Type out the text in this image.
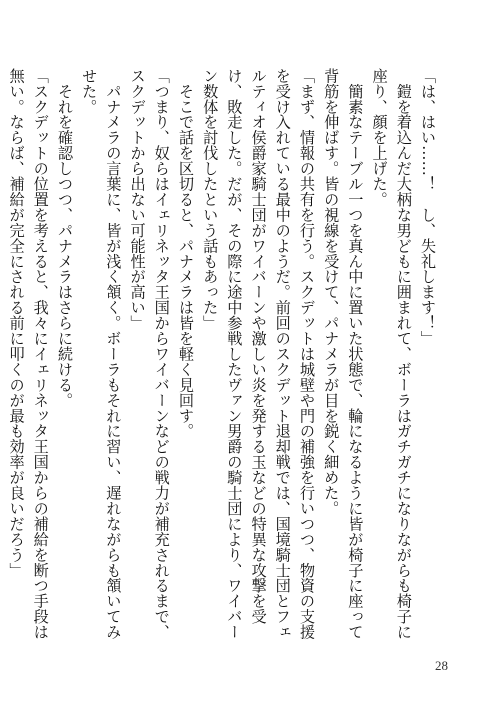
「は、はい……！　し、失礼します！」

　鎧を着込んだ大柄な男どもに囲まれて、ボーラはガチガチになりながらも椅子に座り、顔を上げた。

　簡素なテーブル一つを真ん中に置いた状態で、輪になるように皆が椅子に座って背筋を伸ばす。皆の視線を受けて、パナメラが目を鋭く細めた。

「まず、情報の共有を行う。スクデットは城壁や門の補強を行いつつ、物資の支援を受け入れている最中のようだ。前回のスクデット退却戦では、国境騎士団とフェルティオ侯爵家騎士団がワイバーンや激しい炎を発する玉などの特異な攻撃を受け、敗走した。だが、その際に途中参戦したヴァン男爵の騎士団により、ワイバーン数体を討伐したという話もあった」

　そこで話を区切ると、パナメラは皆を軽く見回す。

「つまり、奴らはイェリネッタ王国からワイバーンなどの戦力が補充されるまで、スクデットから出ない可能性が高い」

　パナメラの言葉に、皆が浅く頷く。ボーラもそれに習い、遅れながらも頷いてみせた。

　それを確認しつつ、パナメラはさらに続ける。

「スクデットの位置を考えると、我々にイェリネッタ王国からの補給を断つ手段は無い。ならば、補給が完全にされる前に叩くのが最も効率が良いだろう」

28
